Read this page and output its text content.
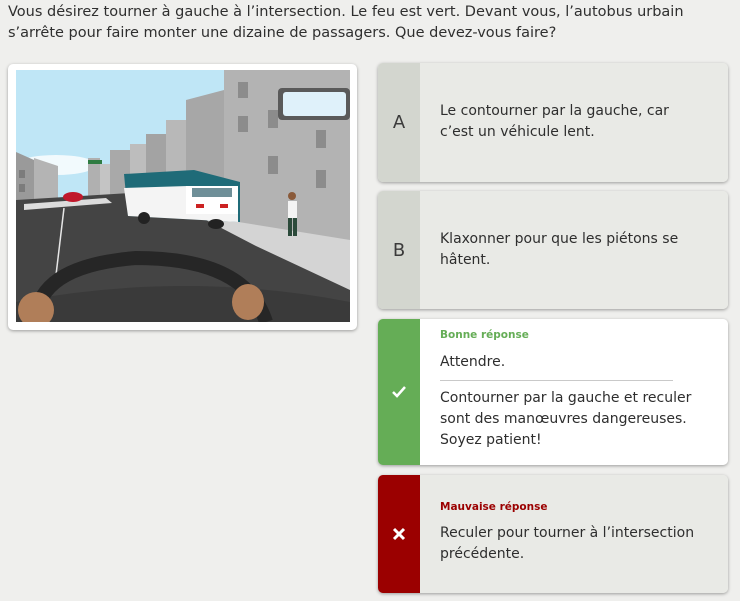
Vous désirez tourner à gauche à l’intersection. Le feu est vert. Devant vous, l’autobus urbain s’arrête pour faire monter une dizaine de passagers. Que devez-vous faire?
A
Le contourner par la gauche, car c’est un véhicule lent.
B
Klaxonner pour que les piétons se hâtent.
Bonne réponse
Attendre.
Contourner par la gauche et reculer sont des manœuvres dangereuses. Soyez patient!
Mauvaise réponse
Reculer pour tourner à l’intersection précédente.
